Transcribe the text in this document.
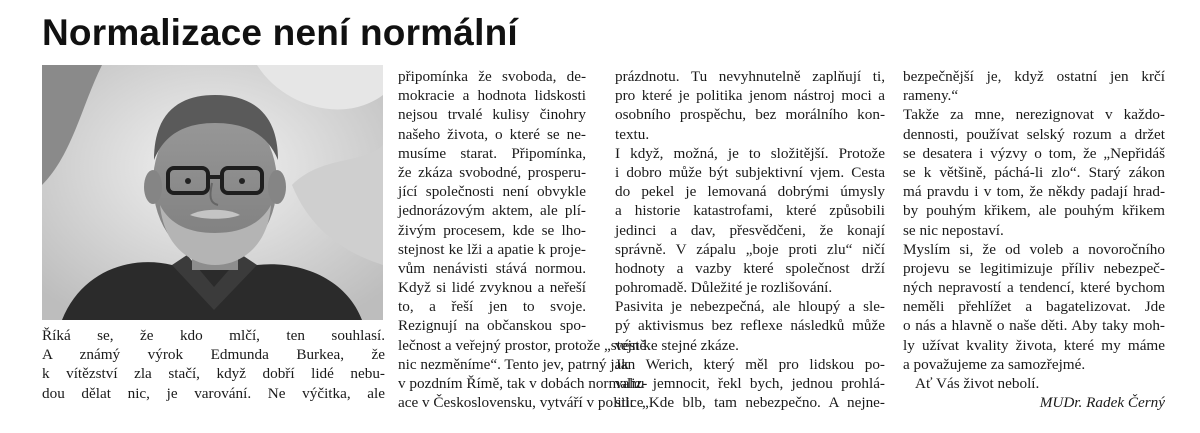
Normalizace není normální
Říká se, že kdo mlčí, ten souhlasí.
A známý výrok Edmunda Burkea, že
k vítězství zla stačí, když dobří lidé nebu-
dou dělat nic, je varování. Ne výčitka, ale
připomínka že svoboda, de-
mokracie a hodnota lidskosti
nejsou trvalé kulisy činohry
našeho života, o které se ne-
musíme starat. Připomínka,
že zkáza svobodné, prosperu-
jící společnosti není obvykle
jednorázovým aktem, ale plí-
živým procesem, kde se lho-
stejnost ke lži a apatie k proje-
vům nenávisti stává normou.
Když si lidé zvyknou a neřeší
to, a řeší jen to svoje.
Rezignují na občanskou spo-
lečnost a veřejný prostor, protože „stejně
nic nezměníme“. Tento jev, patrný jak
v pozdním Římě, tak v dobách normaliz-
ace v Československu, vytváří v politice
prázdnotu. Tu nevyhnutelně zaplňují ti,
pro které je politika jenom nástroj moci a
osobního prospěchu, bez morálního kon-
textu.
I když, možná, je to složitější. Protože
i dobro může být subjektivní vjem. Cesta
do pekel je lemovaná dobrými úmysly
a historie katastrofami, které způsobili
jedinci a dav, přesvědčeni, že konají
správně. V zápalu „boje proti zlu“ ničí
hodnoty a vazby které společnost drží
pohromadě. Důležité je rozlišování.
Pasivita je nebezpečná, ale hloupý a sle-
pý aktivismus bez reflexe následků může
vést ke stejné zkáze.
Jan Werich, který měl pro lidskou po-
vahu jemnocit, řekl bych, jednou prohlá-
sil: „Kde blb, tam nebezpečno. A nejne-
bezpečnější je, když ostatní jen krčí
rameny.“
Takže za mne, nerezignovat v každo-
dennosti, používat selský rozum a držet
se desatera i výzvy o tom, že „Nepřidáš
se k většině, páchá-li zlo“. Starý zákon
má pravdu i v tom, že někdy padají hrad-
by pouhým křikem, ale pouhým křikem
se nic nepostaví.
Myslím si, že od voleb a novoročního
projevu se legitimizuje příliv nebezpeč-
ných nepravostí a tendencí, které bychom
neměli přehlížet a bagatelizovat. Jde
o nás a hlavně o naše děti. Aby taky moh-
ly užívat kvality života, které my máme
a považujeme za samozřejmé.
Ať Vás život nebolí.
MUDr. Radek Černý
